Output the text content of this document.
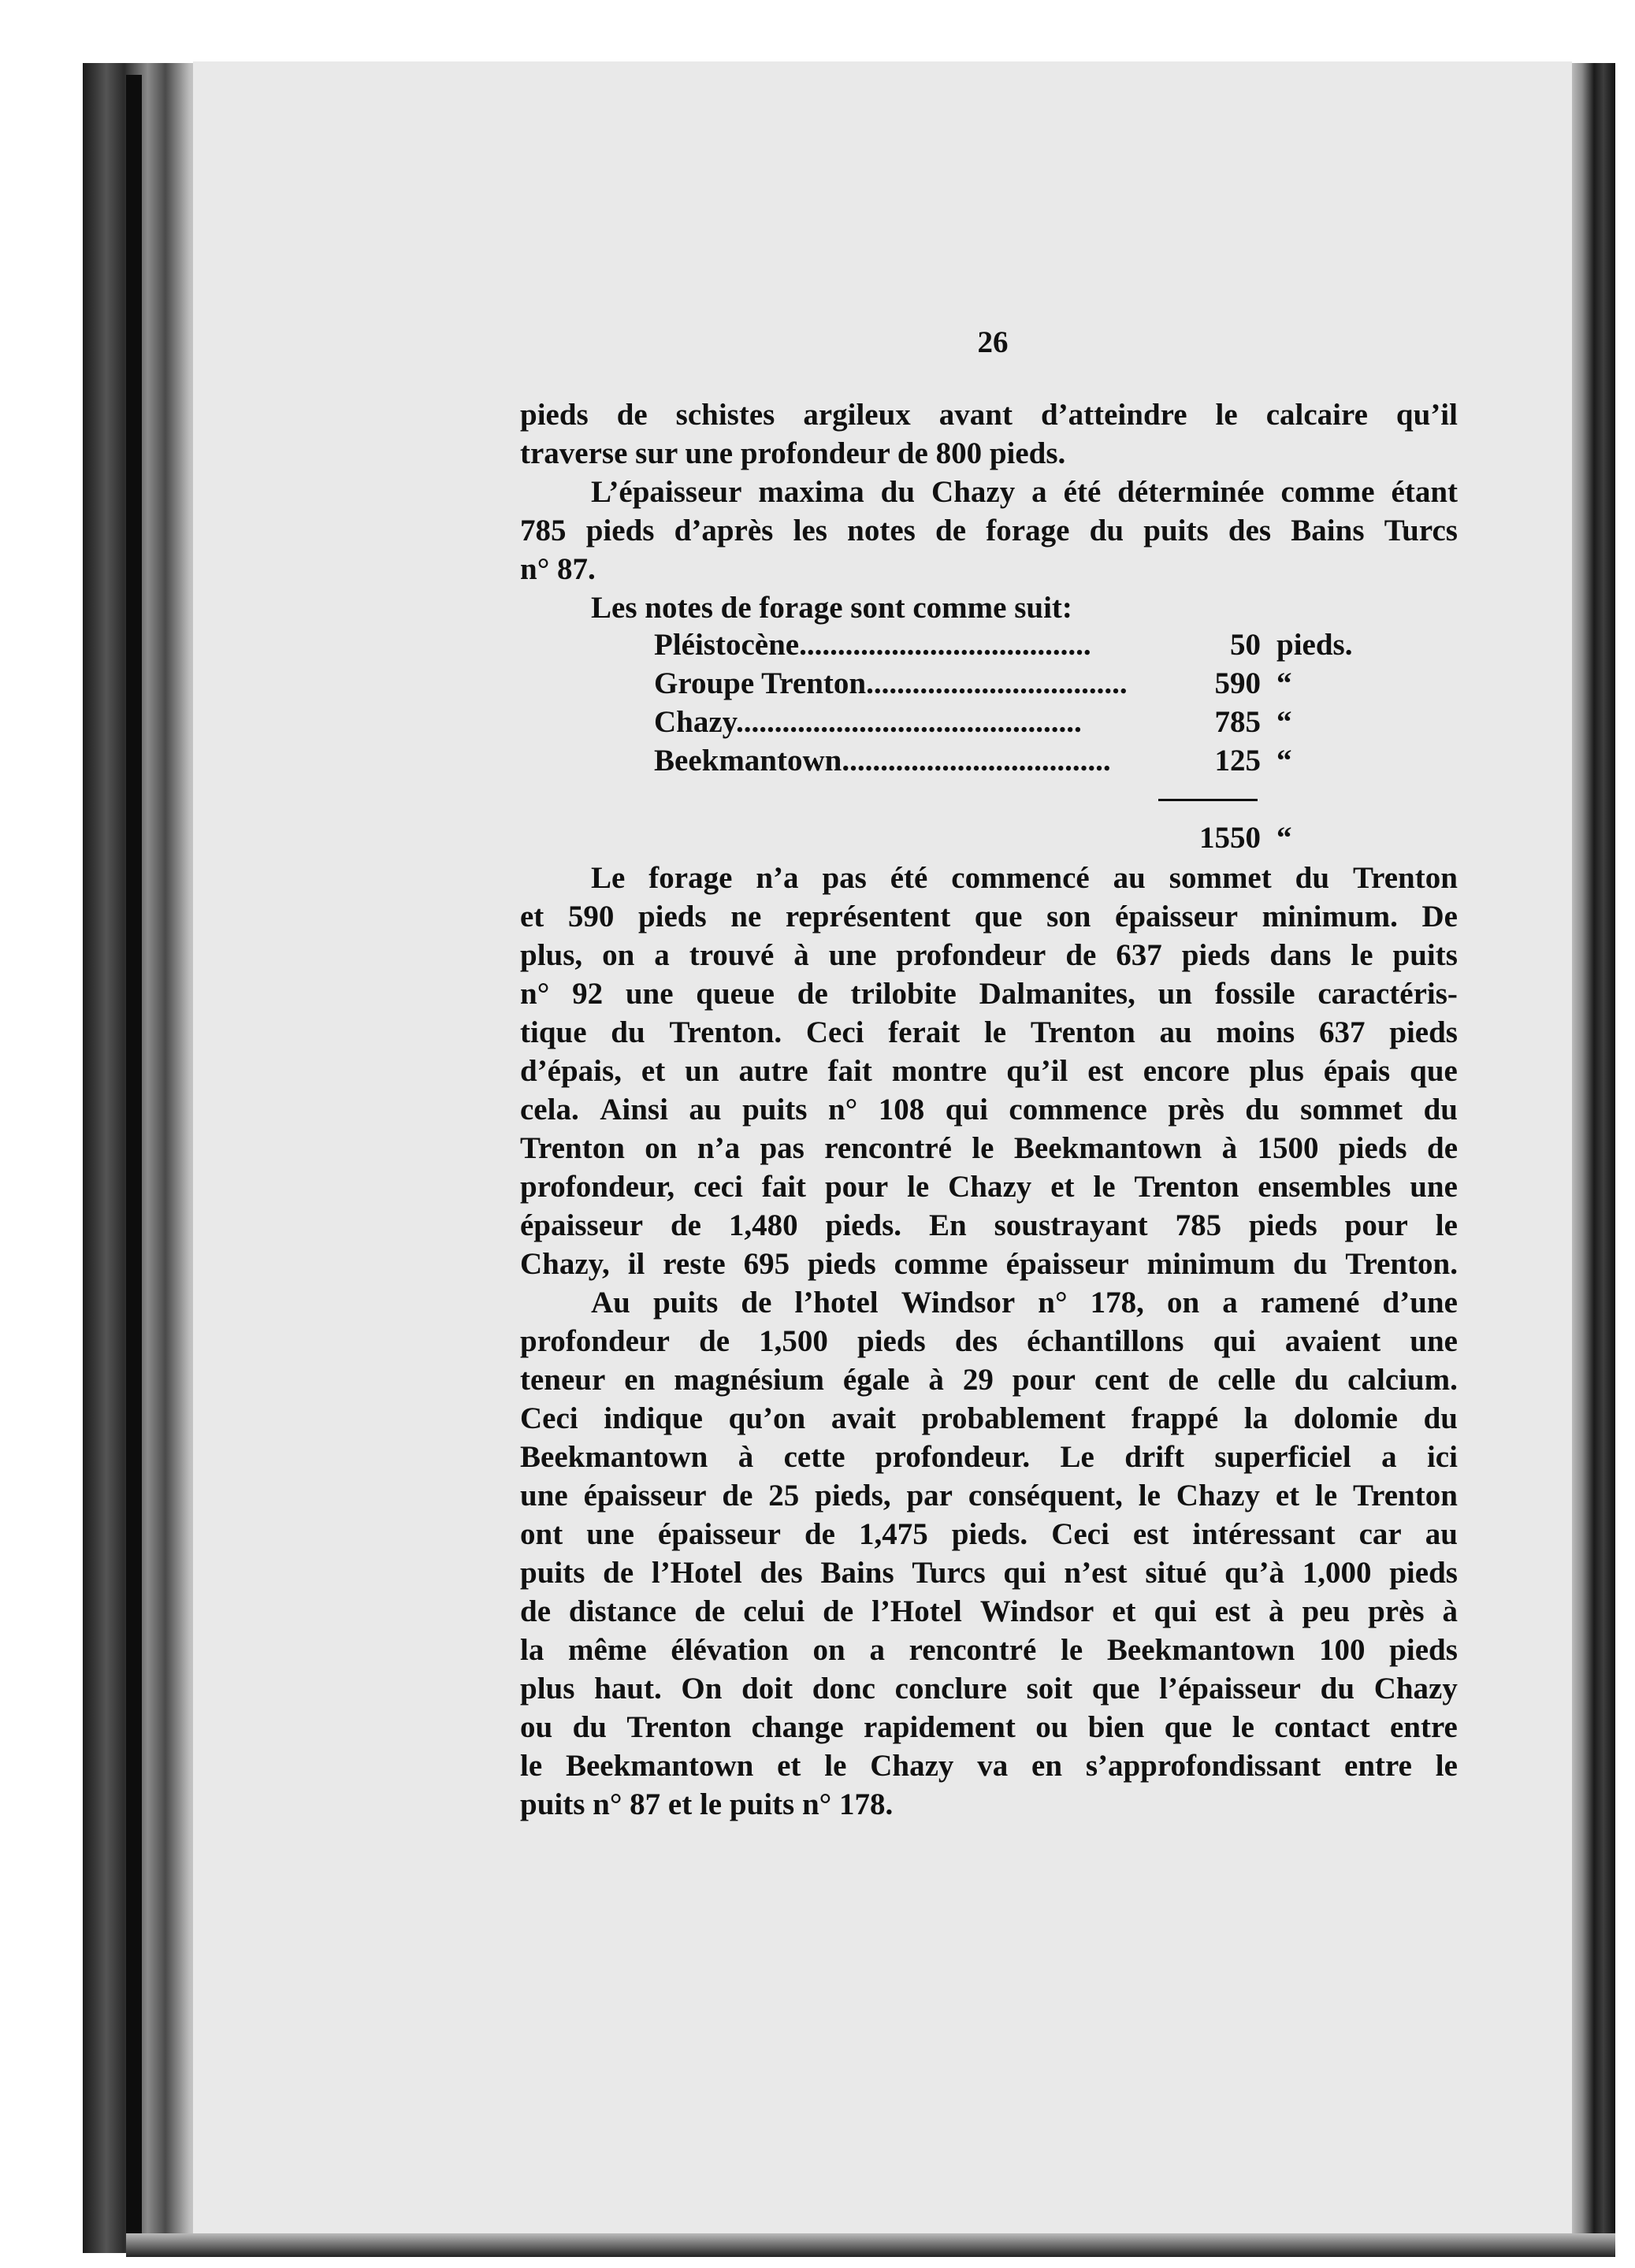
26
pieds de schistes argileux avant d’atteindre le calcaire qu’il
traverse sur une profondeur de 800 pieds.
L’épaisseur maxima du Chazy a été déterminée comme étant
785 pieds d’après les notes de forage du puits des Bains Turcs
n° 87.
Les notes de forage sont comme suit:
Pléistocène......................................	50 pieds.
Groupe Trenton..................................	590 “
Chazy.............................................	785 “
Beekmantown...................................	125 “
1550 “
Le forage n’a pas été commencé au sommet du Trenton
et 590 pieds ne représentent que son épaisseur minimum. De
plus, on a trouvé à une profondeur de 637 pieds dans le puits
n° 92 une queue de trilobite Dalmanites, un fossile caractéris-
tique du Trenton. Ceci ferait le Trenton au moins 637 pieds
d’épais, et un autre fait montre qu’il est encore plus épais que
cela. Ainsi au puits n° 108 qui commence près du sommet du
Trenton on n’a pas rencontré le Beekmantown à 1500 pieds de
profondeur, ceci fait pour le Chazy et le Trenton ensembles une
épaisseur de 1,480 pieds. En soustrayant 785 pieds pour le
Chazy, il reste 695 pieds comme épaisseur minimum du Trenton.
Au puits de l’hotel Windsor n° 178, on a ramené d’une
profondeur de 1,500 pieds des échantillons qui avaient une
teneur en magnésium égale à 29 pour cent de celle du calcium.
Ceci indique qu’on avait probablement frappé la dolomie du
Beekmantown à cette profondeur. Le drift superficiel a ici
une épaisseur de 25 pieds, par conséquent, le Chazy et le Trenton
ont une épaisseur de 1,475 pieds. Ceci est intéressant car au
puits de l’Hotel des Bains Turcs qui n’est situé qu’à 1,000 pieds
de distance de celui de l’Hotel Windsor et qui est à peu près à
la même élévation on a rencontré le Beekmantown 100 pieds
plus haut. On doit donc conclure soit que l’épaisseur du Chazy
ou du Trenton change rapidement ou bien que le contact entre
le Beekmantown et le Chazy va en s’approfondissant entre le
puits n° 87 et le puits n° 178.
